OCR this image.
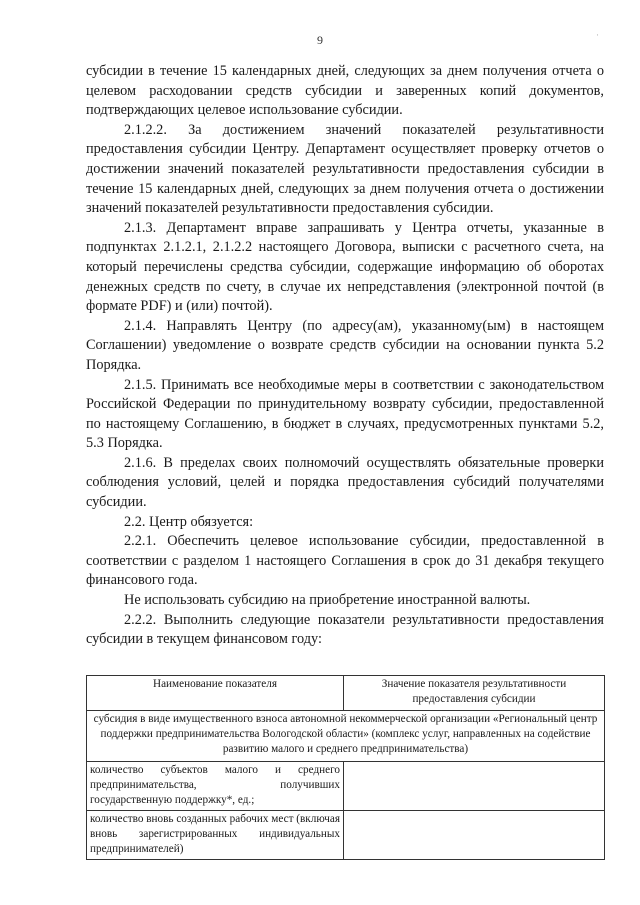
9	·

субсидии в течение 15 календарных дней, следующих за днем получения отчета о целевом расходовании средств субсидии и заверенных копий документов, подтверждающих целевое использование субсидии.

2.1.2.2. За достижением значений показателей результативности предоставления субсидии Центру. Департамент осуществляет проверку отчетов о достижении значений показателей результативности предоставления субсидии в течение 15 календарных дней, следующих за днем получения отчета о достижении значений показателей результативности предоставления субсидии.

2.1.3. Департамент вправе запрашивать у Центра отчеты, указанные в подпунктах 2.1.2.1, 2.1.2.2 настоящего Договора, выписки с расчетного счета, на который перечислены средства субсидии, содержащие информацию об оборотах денежных средств по счету, в случае их непредставления (электронной почтой (в формате PDF) и (или) почтой).

2.1.4. Направлять Центру (по адресу(ам), указанному(ым) в настоящем Соглашении) уведомление о возврате средств субсидии на основании пункта 5.2 Порядка.

2.1.5. Принимать все необходимые меры в соответствии с законодательством Российской Федерации по принудительному возврату субсидии, предоставленной по настоящему Соглашению, в бюджет в случаях, предусмотренных пунктами 5.2, 5.3 Порядка.

2.1.6. В пределах своих полномочий осуществлять обязательные проверки соблюдения условий, целей и порядка предоставления субсидий получателями субсидии.

2.2. Центр обязуется:

2.2.1. Обеспечить целевое использование субсидии, предоставленной в соответствии с разделом 1 настоящего Соглашения в срок до 31 декабря текущего финансового года.

Не использовать субсидию на приобретение иностранной валюты.

2.2.2. Выполнить следующие показатели результативности предоставления субсидии в текущем финансовом году:

Наименование показателя	Значение показателя результативности предоставления субсидии
субсидия в виде имущественного взноса автономной некоммерческой организации «Региональный центр поддержки предпринимательства Вологодской области» (комплекс услуг, направленных на содействие развитию малого и среднего предпринимательства)	
количество субъектов малого и среднего предпринимательства, получивших государственную поддержку*, ед.;	
количество вновь созданных рабочих мест (включая вновь зарегистрированных индивидуальных предпринимателей)	
